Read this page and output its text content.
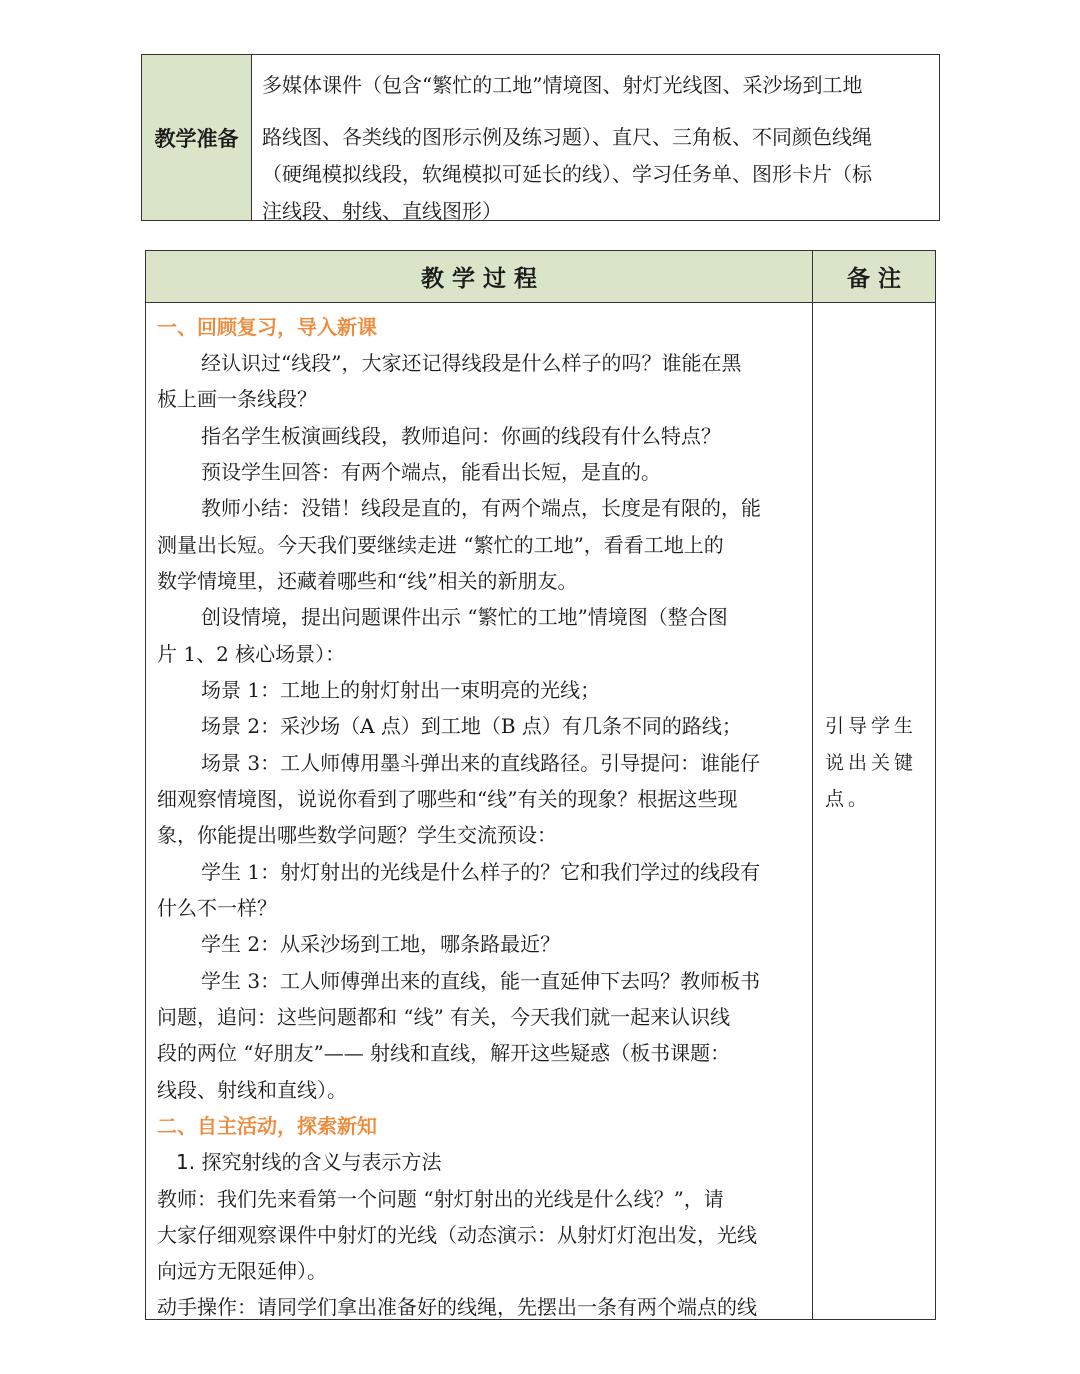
教学准备
多媒体课件（包含“繁忙的工地”情境图、射灯光线图、采沙场到工地
路线图、各类线的图形示例及练习题）、直尺、三角板、不同颜色线绳
（硬绳模拟线段，软绳模拟可延长的线）、学习任务单、图形卡片（标
注线段、射线、直线图形）
教 学 过 程	备 注
一、回顾复习，导入新课
经认识过“线段”，大家还记得线段是什么样子的吗？谁能在黑
板上画一条线段？
指名学生板演画线段，教师追问：你画的线段有什么特点？
预设学生回答：有两个端点，能看出长短，是直的。
教师小结：没错！线段是直的，有两个端点，长度是有限的，能
测量出长短。今天我们要继续走进 “繁忙的工地”，看看工地上的
数学情境里，还藏着哪些和“线”相关的新朋友。
创设情境，提出问题课件出示 “繁忙的工地”情境图（整合图
片 1、2 核心场景）：
场景 1：工地上的射灯射出一束明亮的光线；
场景 2：采沙场（A 点）到工地（B 点）有几条不同的路线；
场景 3：工人师傅用墨斗弹出来的直线路径。引导提问：谁能仔
细观察情境图，说说你看到了哪些和“线”有关的现象？根据这些现
象，你能提出哪些数学问题？学生交流预设：
学生 1：射灯射出的光线是什么样子的？它和我们学过的线段有
什么不一样？
学生 2：从采沙场到工地，哪条路最近？
学生 3：工人师傅弹出来的直线，能一直延伸下去吗？教师板书
问题，追问：这些问题都和 “线” 有关，今天我们就一起来认识线
段的两位 “好朋友”—— 射线和直线，解开这些疑惑（板书课题：
线段、射线和直线）。
二、自主活动，探索新知
1. 探究射线的含义与表示方法
教师：我们先来看第一个问题 “射灯射出的光线是什么线？”，请
大家仔细观察课件中射灯的光线（动态演示：从射灯灯泡出发，光线
向远方无限延伸）。
动手操作：请同学们拿出准备好的线绳，先摆出一条有两个端点的线
引导学生
说出关键
点。
